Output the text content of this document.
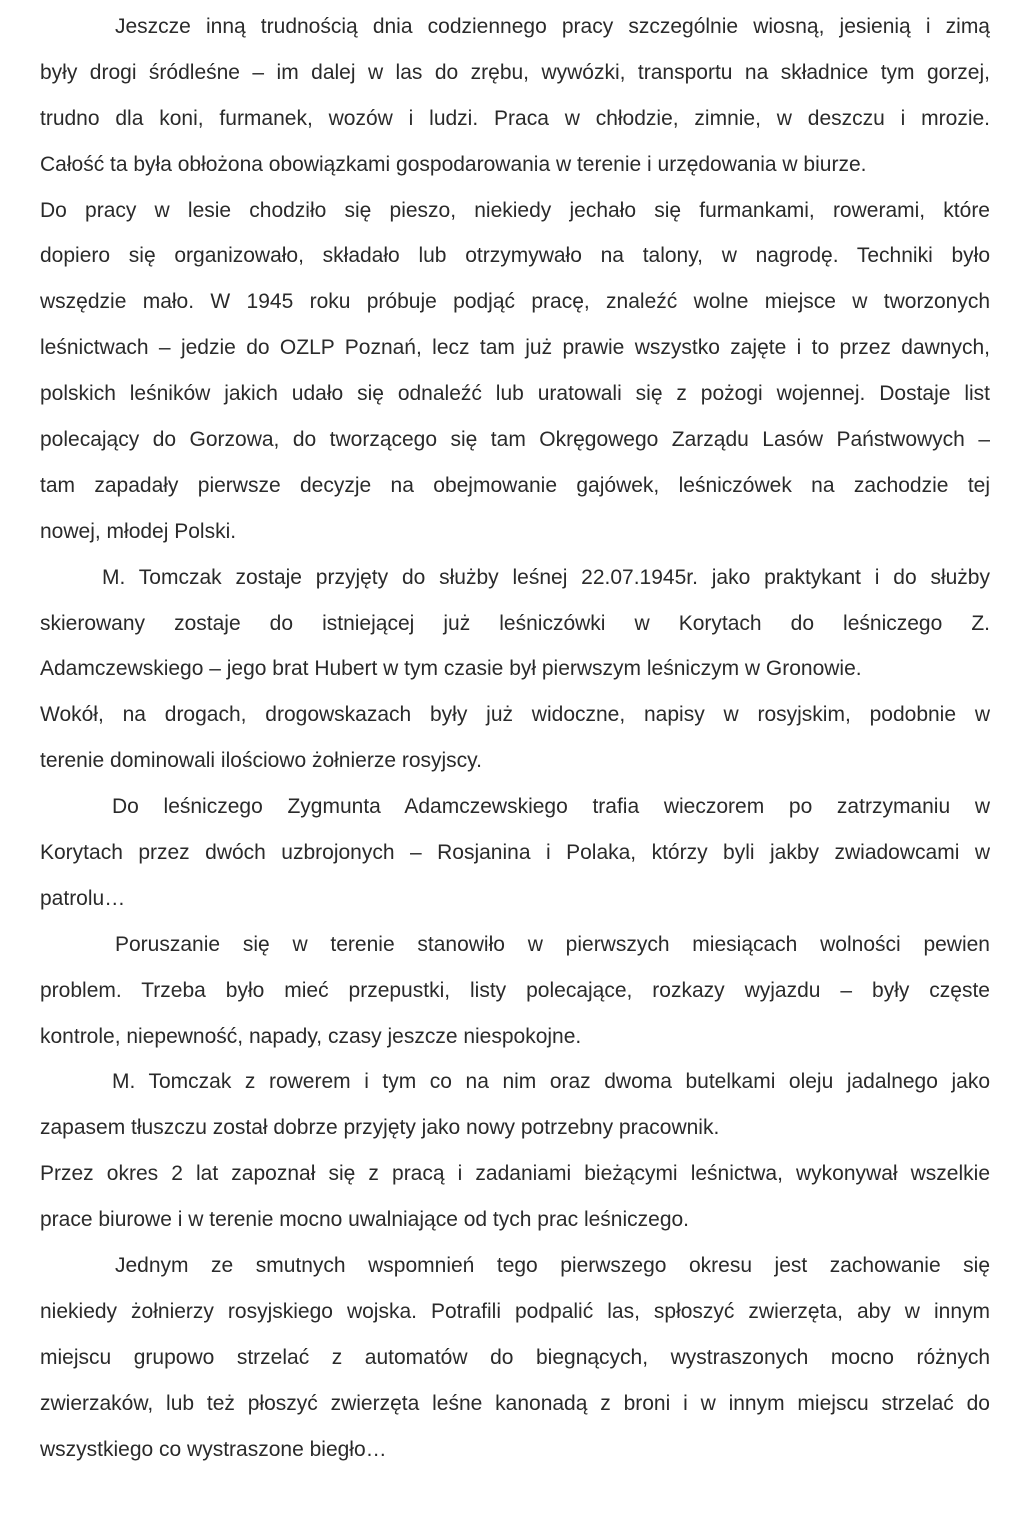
Jeszcze inną trudnością dnia codziennego pracy szczególnie wiosną, jesienią i zimą
były drogi śródleśne – im dalej w las do zrębu, wywózki, transportu na składnice tym gorzej,
trudno dla koni, furmanek, wozów i ludzi. Praca w chłodzie, zimnie, w deszczu i mrozie.
Całość ta była obłożona obowiązkami gospodarowania w terenie i urzędowania w biurze.
Do pracy w lesie chodziło się pieszo, niekiedy jechało się furmankami, rowerami, które
dopiero się organizowało, składało lub otrzymywało na talony, w nagrodę. Techniki było
wszędzie mało. W 1945 roku próbuje podjąć pracę, znaleźć wolne miejsce w tworzonych
leśnictwach – jedzie do OZLP Poznań, lecz tam już prawie wszystko zajęte i to przez dawnych,
polskich leśników jakich udało się odnaleźć lub uratowali się z pożogi wojennej. Dostaje list
polecający do Gorzowa, do tworzącego się tam Okręgowego Zarządu Lasów Państwowych –
tam zapadały pierwsze decyzje na obejmowanie gajówek, leśniczówek na zachodzie tej
nowej, młodej Polski.
M. Tomczak zostaje przyjęty do służby leśnej 22.07.1945r. jako praktykant i do służby
skierowany zostaje do istniejącej już leśniczówki w Korytach do leśniczego Z.
Adamczewskiego – jego brat Hubert w tym czasie był pierwszym leśniczym w Gronowie.
Wokół, na drogach, drogowskazach były już widoczne, napisy w rosyjskim, podobnie w
terenie dominowali ilościowo żołnierze rosyjscy.
Do leśniczego Zygmunta Adamczewskiego trafia wieczorem po zatrzymaniu w
Korytach przez dwóch uzbrojonych – Rosjanina i Polaka, którzy byli jakby zwiadowcami w
patrolu…
Poruszanie się w terenie stanowiło w pierwszych miesiącach wolności pewien
problem. Trzeba było mieć przepustki, listy polecające, rozkazy wyjazdu – były częste
kontrole, niepewność, napady, czasy jeszcze niespokojne.
M. Tomczak z rowerem i tym co na nim oraz dwoma butelkami oleju jadalnego jako
zapasem tłuszczu został dobrze przyjęty jako nowy potrzebny pracownik.
Przez okres 2 lat zapoznał się z pracą i zadaniami bieżącymi leśnictwa, wykonywał wszelkie
prace biurowe i w terenie mocno uwalniające od tych prac leśniczego.
Jednym ze smutnych wspomnień tego pierwszego okresu jest zachowanie się
niekiedy żołnierzy rosyjskiego wojska. Potrafili podpalić las, spłoszyć zwierzęta, aby w innym
miejscu grupowo strzelać z automatów do biegnących, wystraszonych mocno różnych
zwierzaków, lub też płoszyć zwierzęta leśne kanonadą z broni i w innym miejscu strzelać do
wszystkiego co wystraszone biegło…
